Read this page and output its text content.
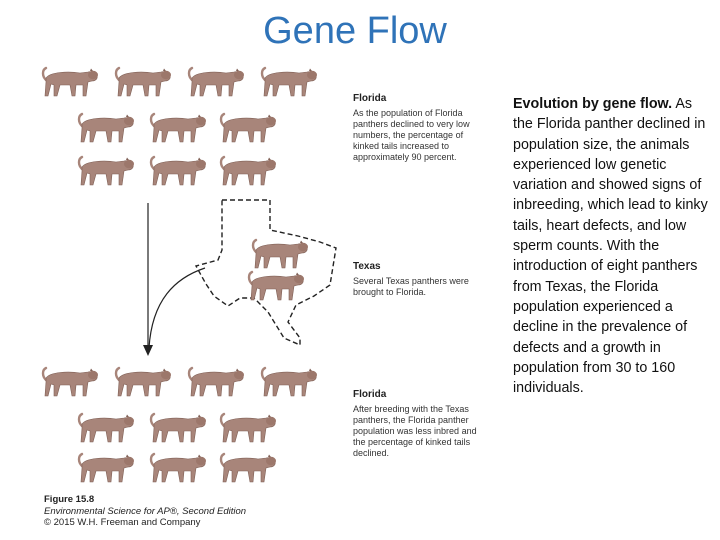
Gene Flow
Florida
As the population of Florida panthers declined to very low numbers, the percentage of kinked tails increased to approximately 90 percent.
Texas
Several Texas panthers were brought to Florida.
Florida
After breeding with the Texas panthers, the Florida panther population was less inbred and the percentage of kinked tails declined.
Evolution by gene flow. As the Florida panther declined in population size, the animals experienced low genetic variation and showed signs of inbreeding, which lead to kinky tails, heart defects, and low sperm counts. With the introduction of eight panthers from Texas, the Florida population experienced a decline in the prevalence of defects and a growth in population from 30 to 160 individuals.
Figure 15.8
Environmental Science for AP®, Second Edition
© 2015 W.H. Freeman and Company
